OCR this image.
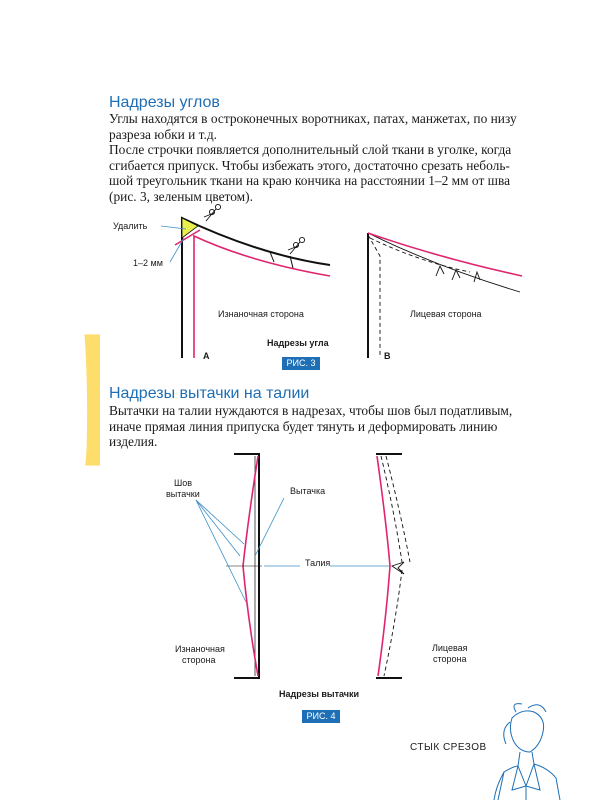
31
Надрезы углов

Углы находятся в остроконечных воротниках, патах, манжетах, по низу
разреза юбки и т.д.
После строчки появляется дополнительный слой ткани в уголке, когда
сгибается припуск. Чтобы избежать этого, достаточно срезать неболь-
шой треугольник ткани на краю кончика на расстоянии 1–2 мм от шва
(рис. 3, зеленым цветом).

Удалить
1–2 мм
Изнаночная сторона
Надрезы угла
A
Лицевая сторона
B
РИС. 3
Надрезы вытачки на талии

Вытачки на талии нуждаются в надрезах, чтобы шов был податливым,
иначе прямая линия припуска будет тянуть и деформировать линию
изделия.

Шов
вытачки	Вытачка
Талия
Изнаночная
сторона
Лицевая
сторона
Надрезы вытачки
РИС. 4
СТЫК СРЕЗОВ
